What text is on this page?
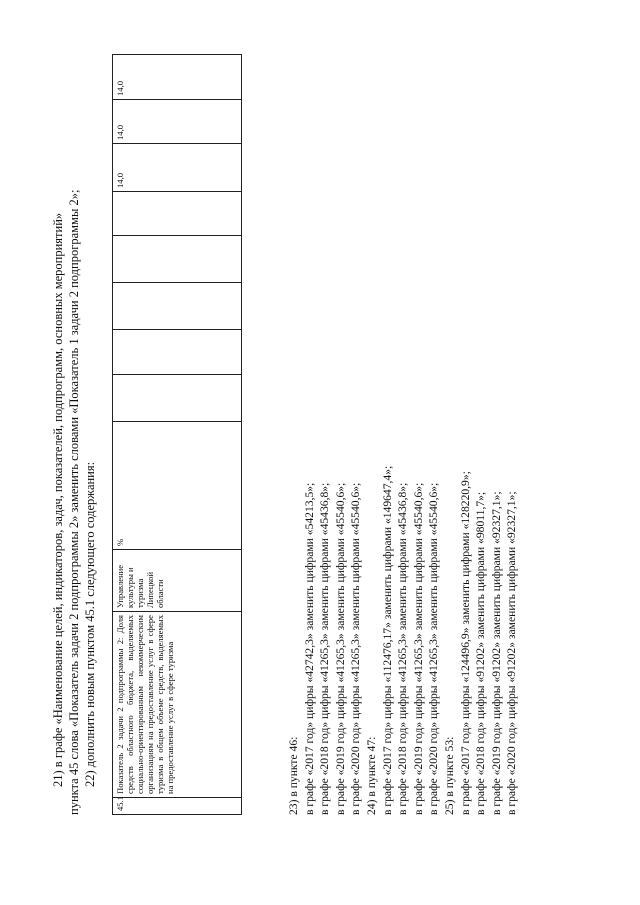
21) в графе «Наименование целей, индикаторов, задач, показателей, подпрограмм, основных мероприятий» пункта 45 слова «Показатель задачи 2 подпрограммы 2» заменить словами «Показатель 1 задачи 2 подпрограммы 2»; 22) дополнить новым пунктом 45.1 следующего содержания:
45.1	Показатель 2 задачи 2 подпрограммы 2: Доля средств областного бюджета, выделяемых социально-ориентированным некоммерческим организациям на предоставление услуг в сфере туризма в общем объеме средств, выделяемых на предоставление услуг в сфере туризма	Управление культуры и туризма Липецкой области	%						14,0	14,0	14,0
23) в пункте 46: в графе «2017 год» цифры «42742,3» заменить цифрами «54213,5»; в графе «2018 год» цифры «41265,3» заменить цифрами «45436,8»; в графе «2019 год» цифры «41265,3» заменить цифрами «45540,6»; в графе «2020 год» цифры «41265,3» заменить цифрами «45540,6»; 24) в пункте 47: в графе «2017 год» цифры «112476,17» заменить цифрами «149647,4»; в графе «2018 год» цифры «41265,3» заменить цифрами «45436,8»; в графе «2019 год» цифры «41265,3» заменить цифрами «45540,6»; в графе «2020 год» цифры «41265,3» заменить цифрами «45540,6»; 25) в пункте 53: в графе «2017 год» цифры «124496,9» заменить цифрами «128220,9»; в графе «2018 год» цифры «91202» заменить цифрами «98011,7»; в графе «2019 год» цифры «91202» заменить цифрами «92327,1»; в графе «2020 год» цифры «91202» заменить цифрами «92327,1»;
